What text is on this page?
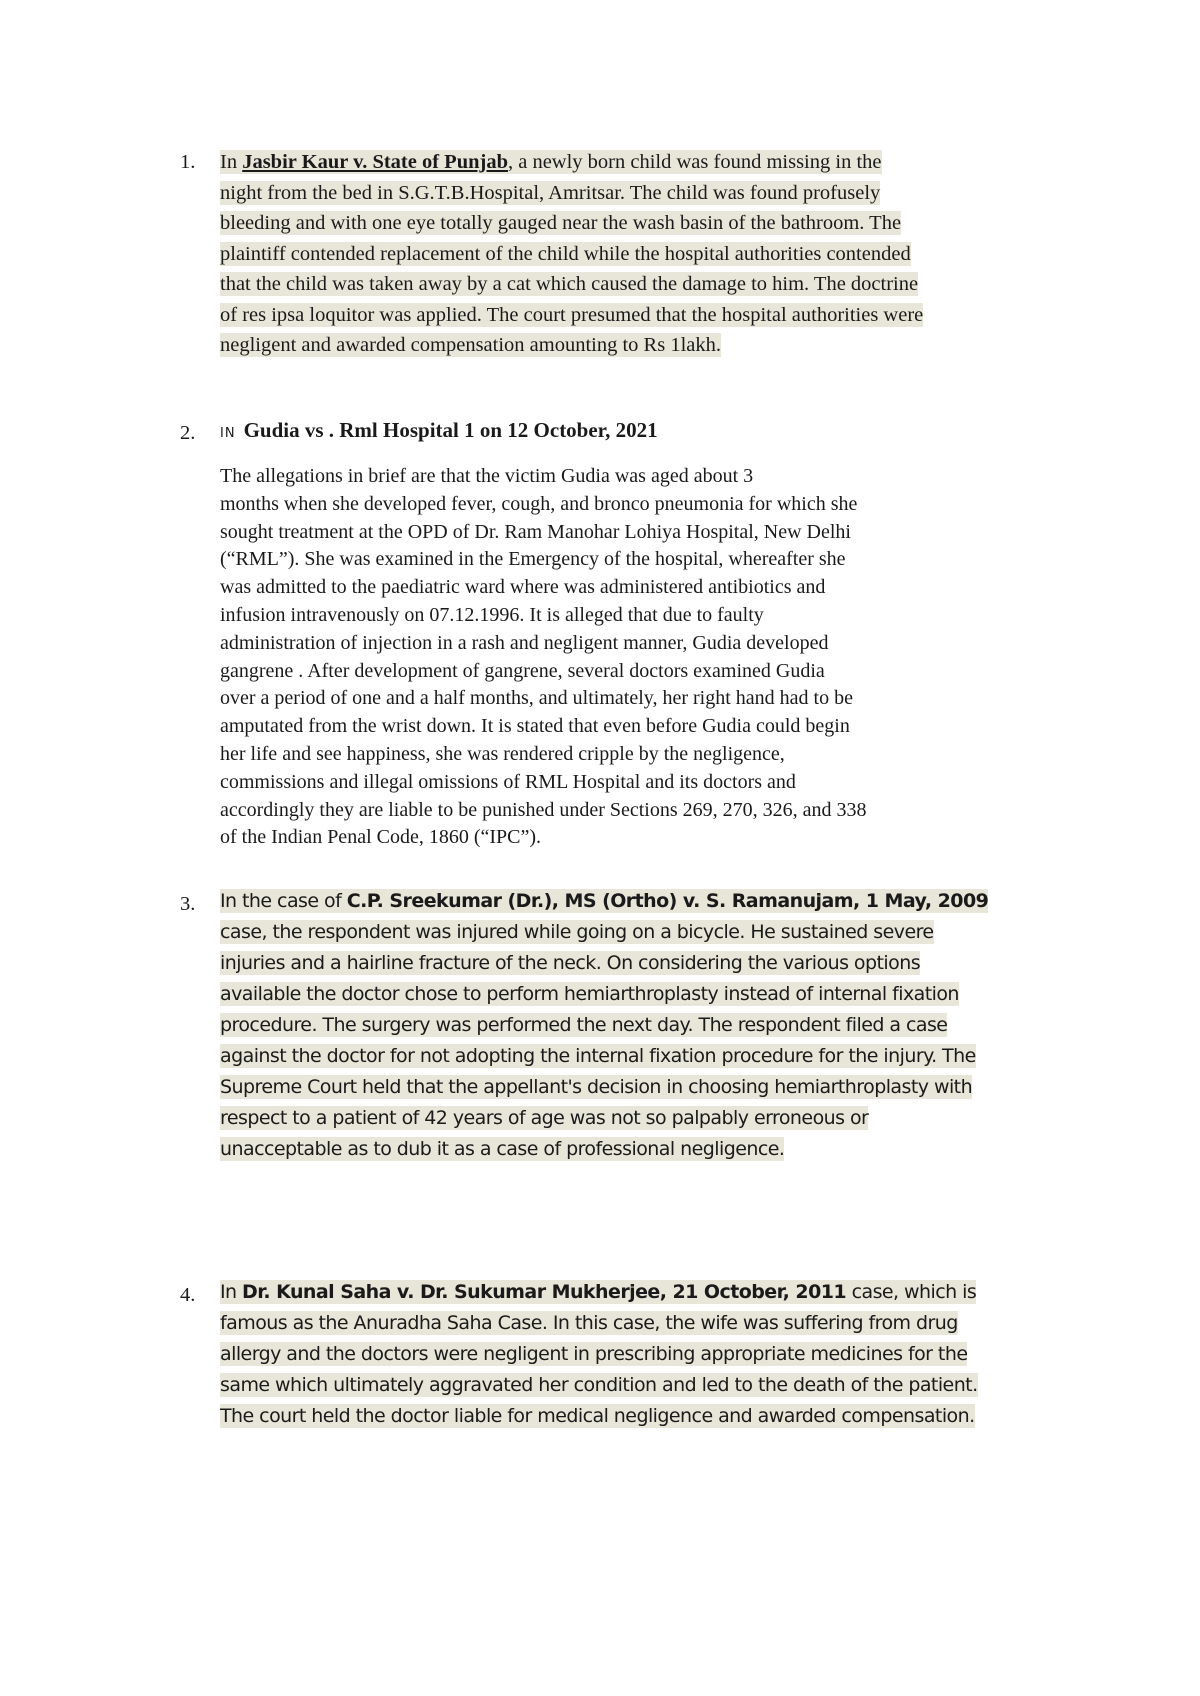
1.	In Jasbir Kaur v. State of Punjab, a newly born child was found missing in the
night from the bed in S.G.T.B.Hospital, Amritsar. The child was found profusely
bleeding and with one eye totally gauged near the wash basin of the bathroom. The
plaintiff contended replacement of the child while the hospital authorities contended
that the child was taken away by a cat which caused the damage to him. The doctrine
of res ipsa loquitor was applied. The court presumed that the hospital authorities were
negligent and awarded compensation amounting to Rs 1lakh.
2.	IN Gudia vs . Rml Hospital 1 on 12 October, 2021
The allegations in brief are that the victim Gudia was aged about 3
months when she developed fever, cough, and bronco pneumonia for which she
sought treatment at the OPD of Dr. Ram Manohar Lohiya Hospital, New Delhi
(“RML”). She was examined in the Emergency of the hospital, whereafter she
was admitted to the paediatric ward where was administered antibiotics and
infusion intravenously on 07.12.1996. It is alleged that due to faulty
administration of injection in a rash and negligent manner, Gudia developed
gangrene . After development of gangrene, several doctors examined Gudia
over a period of one and a half months, and ultimately, her right hand had to be
amputated from the wrist down. It is stated that even before Gudia could begin
her life and see happiness, she was rendered cripple by the negligence,
commissions and illegal omissions of RML Hospital and its doctors and
accordingly they are liable to be punished under Sections 269, 270, 326, and 338
of the Indian Penal Code, 1860 (“IPC”).
3.	In the case of C.P. Sreekumar (Dr.), MS (Ortho) v. S. Ramanujam, 1 May, 2009
case, the respondent was injured while going on a bicycle. He sustained severe
injuries and a hairline fracture of the neck. On considering the various options
available the doctor chose to perform hemiarthroplasty instead of internal fixation
procedure. The surgery was performed the next day. The respondent filed a case
against the doctor for not adopting the internal fixation procedure for the injury. The
Supreme Court held that the appellant's decision in choosing hemiarthroplasty with
respect to a patient of 42 years of age was not so palpably erroneous or
unacceptable as to dub it as a case of professional negligence.
4.	In Dr. Kunal Saha v. Dr. Sukumar Mukherjee, 21 October, 2011 case, which is
famous as the Anuradha Saha Case. In this case, the wife was suffering from drug
allergy and the doctors were negligent in prescribing appropriate medicines for the
same which ultimately aggravated her condition and led to the death of the patient.
The court held the doctor liable for medical negligence and awarded compensation.
